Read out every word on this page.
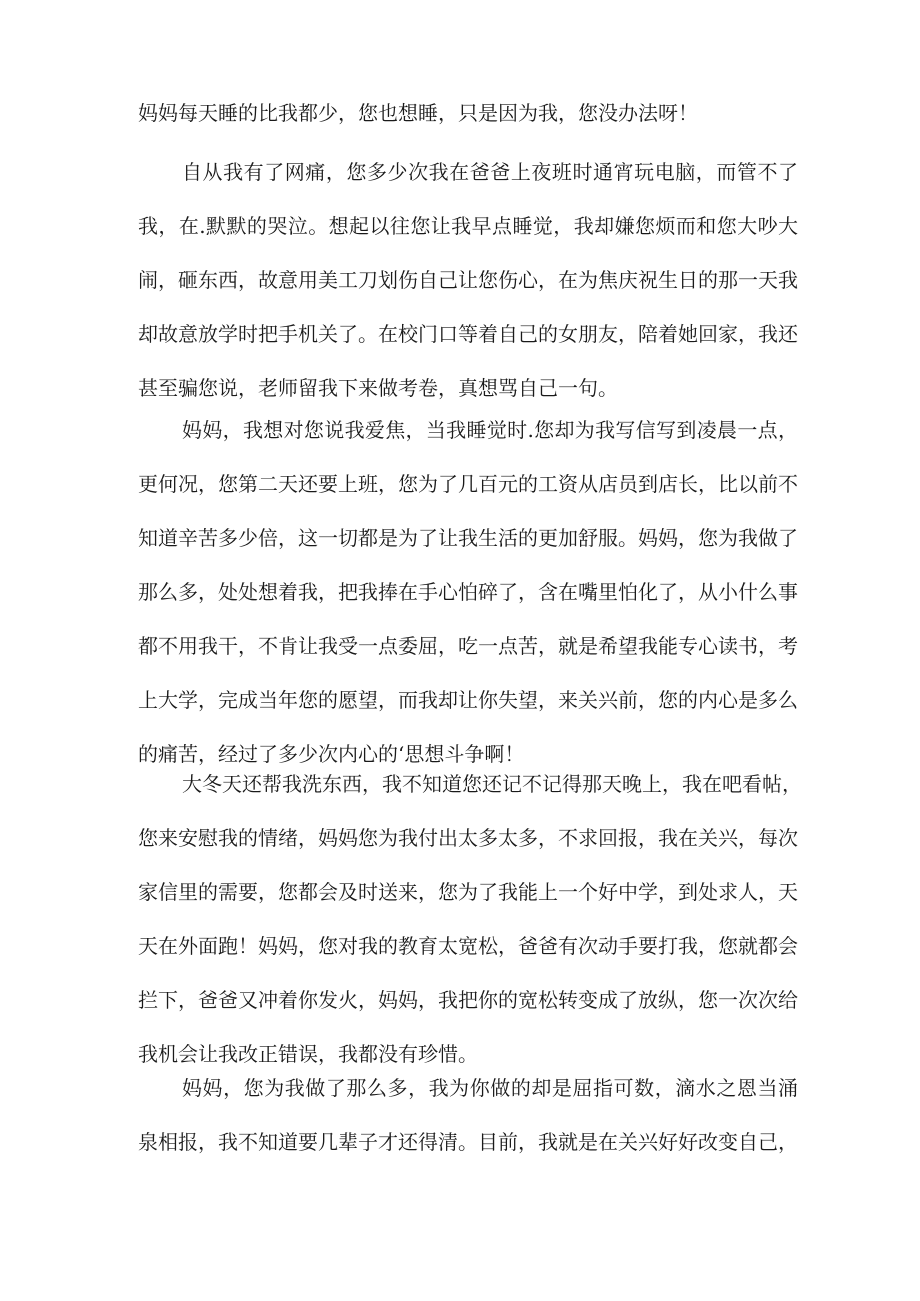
妈妈每天睡的比我都少，您也想睡，只是因为我，您没办法呀！

自从我有了网痛，您多少次我在爸爸上夜班时通宵玩电脑，而管不了
我，在.默默的哭泣。想起以往您让我早点睡觉，我却嫌您烦而和您大吵大
闹，砸东西，故意用美工刀划伤自己让您伤心，在为焦庆祝生日的那一天我
却故意放学时把手机关了。在校门口等着自己的女朋友，陪着她回家，我还
甚至骗您说，老师留我下来做考卷，真想骂自己一句。

妈妈，我想对您说我爱焦，当我睡觉时.您却为我写信写到凌晨一点，
更何况，您第二天还要上班，您为了几百元的工资从店员到店长，比以前不
知道辛苦多少倍，这一切都是为了让我生活的更加舒服。妈妈，您为我做了
那么多，处处想着我，把我捧在手心怕碎了，含在嘴里怕化了，从小什么事
都不用我干，不肯让我受一点委屈，吃一点苦，就是希望我能专心读书，考
上大学，完成当年您的愿望，而我却让你失望，来关兴前，您的内心是多么
的痛苦，经过了多少次内心的‘思想斗争啊！

大冬天还帮我洗东西，我不知道您还记不记得那天晚上，我在吧看帖，
您来安慰我的情绪，妈妈您为我付出太多太多，不求回报，我在关兴，每次
家信里的需要，您都会及时送来，您为了我能上一个好中学，到处求人，天
天在外面跑！妈妈，您对我的教育太宽松，爸爸有次动手要打我，您就都会
拦下，爸爸又冲着你发火，妈妈，我把你的宽松转变成了放纵，您一次次给
我机会让我改正错误，我都没有珍惜。

妈妈，您为我做了那么多，我为你做的却是屈指可数，滴水之恩当涌
泉相报，我不知道要几辈子才还得清。目前，我就是在关兴好好改变自己，
